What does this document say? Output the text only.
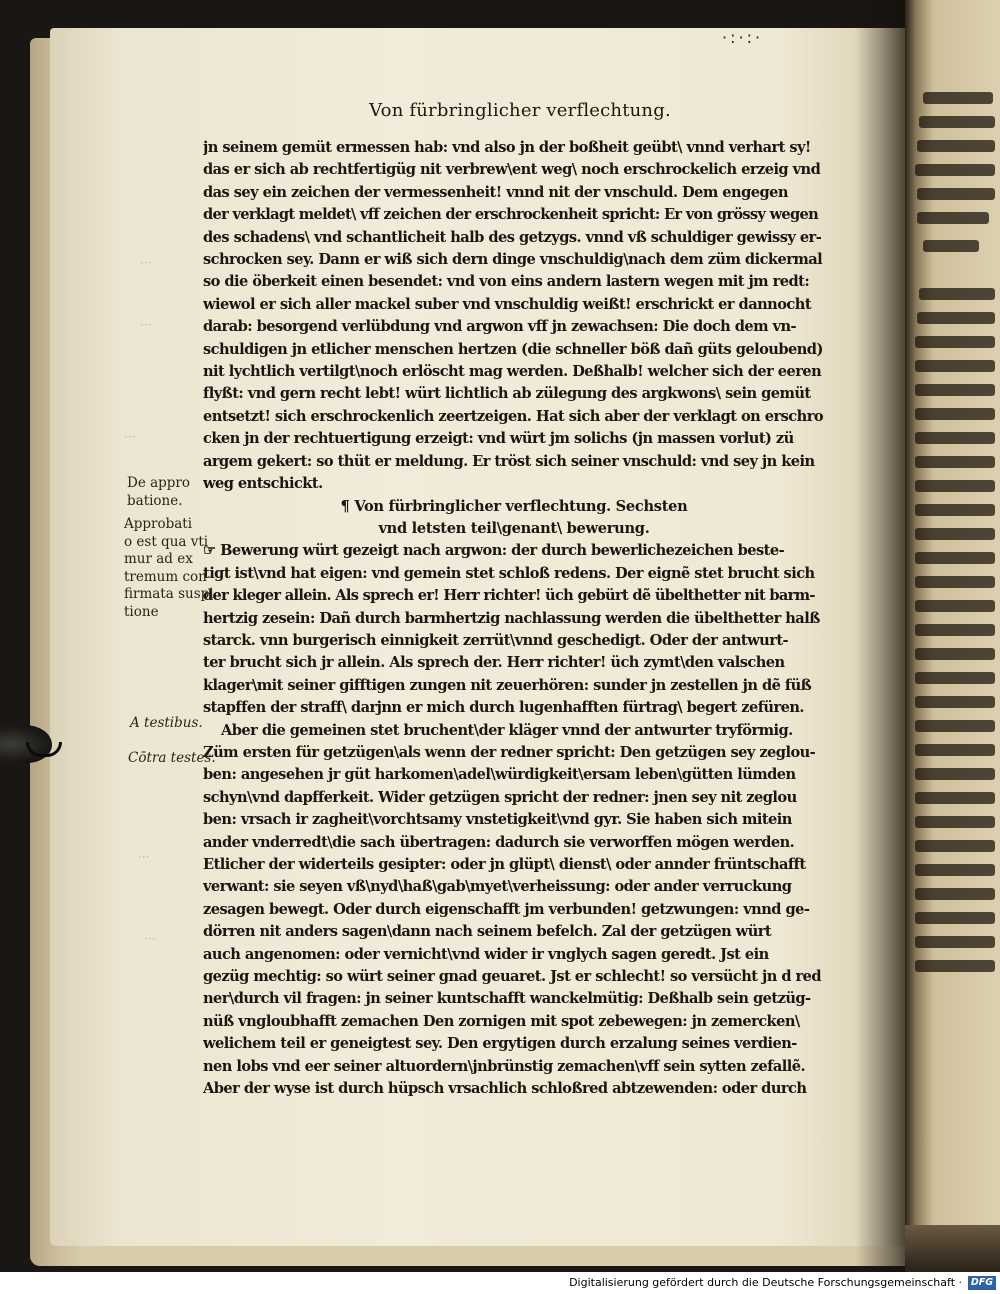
·:·:·
···
···
···
···
···
Von fürbringlicher verflechtung.
jn seinem gemüt ermessen hab: vnd also jn der boßheit geübt\ vnnd verhart sy!
das er sich ab rechtfertigüg nit verbrew\ent weg\ noch erschrockelich erzeig vnd
das sey ein zeichen der vermessenheit! vnnd nit der vnschuld. Dem engegen
der verklagt meldet\ vff zeichen der erschrockenheit spricht: Er von grössy wegen
des schadens\ vnd schantlicheit halb des getzygs. vnnd vß schuldiger gewissy er-
schrocken sey. Dann er wiß sich dern dinge vnschuldig\nach dem züm dickermal
so die öberkeit einen besendet: vnd von eins andern lastern wegen mit jm redt:
wiewol er sich aller mackel suber vnd vnschuldig weißt! erschrickt er dannocht
darab: besorgend verlübdung vnd argwon vff jn zewachsen: Die doch dem vn-
schuldigen jn etlicher menschen hertzen (die schneller böß dañ güts geloubend)
nit lychtlich vertilgt\noch erlöscht mag werden. Deßhalb! welcher sich der eeren
flyßt: vnd gern recht lebt! würt lichtlich ab zülegung des argkwons\ sein gemüt
entsetzt! sich erschrockenlich zeertzeigen. Hat sich aber der verklagt on erschro
cken jn der rechtuertigung erzeigt: vnd würt jm solichs (jn massen vorlut) zü
argem gekert: so thüt er meldung. Er tröst sich seiner vnschuld: vnd sey jn kein
weg entschickt.
¶ Von fürbringlicher verflechtung. Sechsten
vnd letsten teil\genant\ bewerung.
☞ Bewerung würt gezeigt nach argwon: der durch bewerlichezeichen beste-
tigt ist\vnd hat eigen: vnd gemein stet schloß redens. Der eignẽ stet brucht sich
der kleger allein. Als sprech er! Herr richter! üch gebürt dẽ übelthetter nit barm-
hertzig zesein: Dañ durch barmhertzig nachlassung werden die übelthetter halß
starck. vnn burgerisch einnigkeit zerrüt\vnnd geschedigt. Oder der antwurt-
ter brucht sich jr allein. Als sprech der. Herr richter! üch zymt\den valschen
klager\mit seiner gifftigen zungen nit zeuerhören: sunder jn zestellen jn dẽ füß
stapffen der straff\ darjnn er mich durch lugenhafften fürtrag\ begert zefüren.
Aber die gemeinen stet bruchent\der kläger vnnd der antwurter tryförmig.
Züm ersten für getzügen\als wenn der redner spricht: Den getzügen sey zeglou-
ben: angesehen jr güt harkomen\adel\würdigkeit\ersam leben\gütten lümden
schyn\vnd dapfferkeit. Wider getzügen spricht der redner: jnen sey nit zeglou
ben: vrsach ir zagheit\vorchtsamy vnstetigkeit\vnd gyr. Sie haben sich mitein
ander vnderredt\die sach übertragen: dadurch sie verworffen mögen werden.
Etlicher der widerteils gesipter: oder jn glüpt\ dienst\ oder annder früntschafft
verwant: sie seyen vß\nyd\haß\gab\myet\verheissung: oder ander verruckung
zesagen bewegt. Oder durch eigenschafft jm verbunden! getzwungen: vnnd ge-
dörren nit anders sagen\dann nach seinem befelch. Zal der getzügen würt
auch angenomen: oder vernicht\vnd wider ir vnglych sagen geredt. Jst ein
gezüg mechtig: so würt seiner gnad geuaret. Jst er schlecht! so versücht jn d red
ner\durch vil fragen: jn seiner kuntschafft wanckelmütig: Deßhalb sein getzüg-
nüß vngloubhafft zemachen Den zornigen mit spot zebewegen: jn zemercken\
welichem teil er geneigtest sey. Den ergytigen durch erzalung seines verdien-
nen lobs vnd eer seiner altuordern\jnbrünstig zemachen\vff sein sytten zefallẽ.
Aber der wyse ist durch hüpsch vrsachlich schloßred abtzewenden: oder durch
De appro
batione.
Approbati
o est qua vti
mur ad ex
tremum con
firmata suspi
tione
A testibus.
Cōtra testes.
Digitalisierung gefördert durch die Deutsche Forschungsgemeinschaft · DFG
